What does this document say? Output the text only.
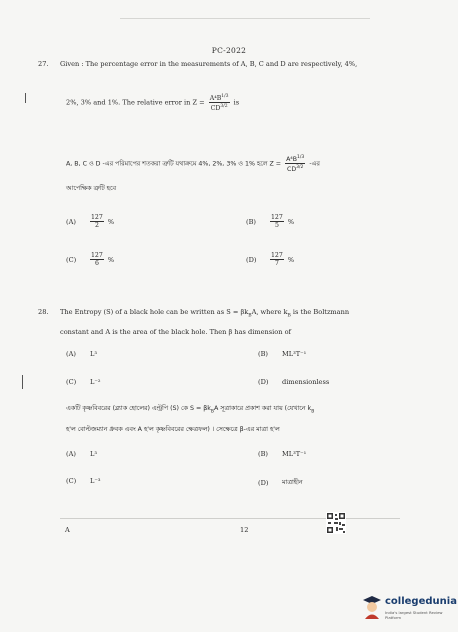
PC-2022
27. Given : The percentage error in the measurements of A, B, C and D are respectively, 4%,
2%, 3% and 1%. The relative error in $Z = \frac{A^4B^{1/3}}{CD^{3/2}}$ is
A, B, C ও D -এর পরিমাপের শতকরা ত্রুটি যথাক্রমে 4%, 2%, 3% ও 1% হলে $Z = \frac{A^4B^{1/3}}{CD^{3/2}}$ -এর
আপেক্ষিক ত্রুটি হবে
(A)	$\frac{127}{2}$ %	(B)	$\frac{127}{5}$ %
(C)	$\frac{127}{6}$ %	(D)	$\frac{127}{7}$ %
28. The Entropy (S) of a black hole can be written as $S = \beta k_BA$, where $k_B$ is the Boltzmann
constant and A is the area of the black hole. Then β has dimension of
(A)	L³	(B)	ML³T⁻¹
(C)	L⁻²	(D)	dimensionless
একটি কৃষ্ণবিবরের (ব্ল্যাক হোলের) এন্ট্রপি (S) কে $S = \beta k_BA$ সূত্রাকারে প্রকাশ করা যায় (যেখানে $k_B$
হ'ল বোল্টজম্যান ধ্রুবক এবং A হ'ল কৃষ্ণবিবরের ক্ষেত্রফল) । সেক্ষেত্রে β-এর মাত্রা হ'ল
(A)	L³	(B)	ML³T⁻¹
(C)	L⁻³	(D)	মাত্রাহীন
A	12
collegedunia
India's largest Student Review Platform
